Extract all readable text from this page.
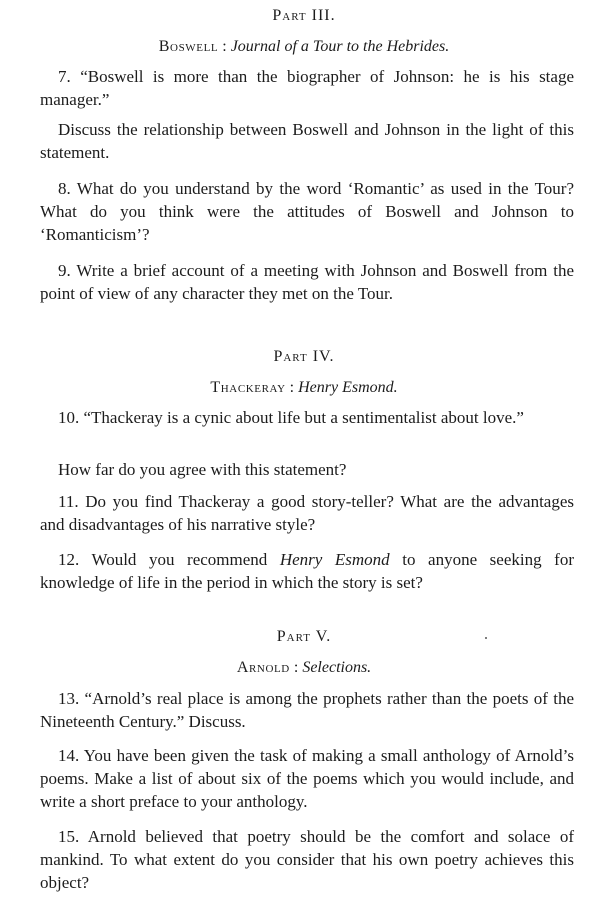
Part III.
Boswell : Journal of a Tour to the Hebrides.

7. “Boswell is more than the biographer of Johnson: he is his stage manager.”

Discuss the relationship between Boswell and Johnson in the light of this statement.

8. What do you understand by the word ‘Romantic’ as used in the Tour? What do you think were the attitudes of Boswell and Johnson to ‘Romanticism’?

9. Write a brief account of a meeting with Johnson and Boswell from the point of view of any character they met on the Tour.

Part IV.
Thackeray : Henry Esmond.

10. “Thackeray is a cynic about life but a sentimentalist about love.”

How far do you agree with this statement?

11. Do you find Thackeray a good story-teller? What are the advantages and disadvantages of his narrative style?

12. Would you recommend Henry Esmond to anyone seeking for knowledge of life in the period in which the story is set?

Part V.
Arnold : Selections.

13. “Arnold’s real place is among the prophets rather than the poets of the Nineteenth Century.” Discuss.

14. You have been given the task of making a small anthology of Arnold’s poems. Make a list of about six of the poems which you would include, and write a short preface to your anthology.

15. Arnold believed that poetry should be the comfort and solace of mankind. To what extent do you consider that his own poetry achieves this object?
